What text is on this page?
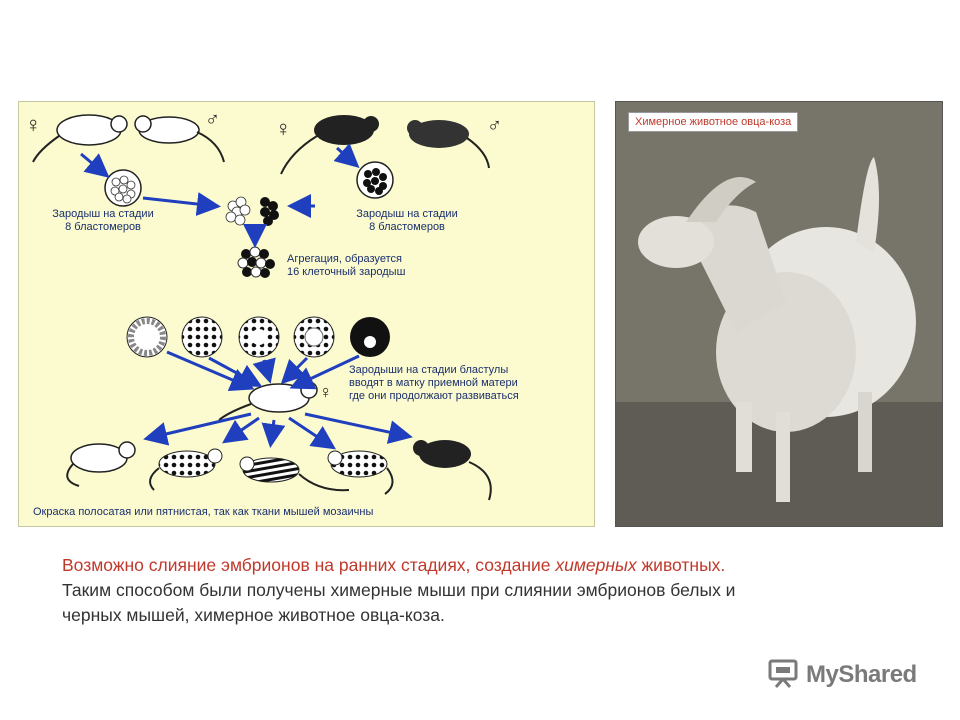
♀	♂	♀	♂
♀
Зародыш на стадии
8 бластомеров
Зародыш на стадии
8 бластомеров
Агрегация, образуется
16 клеточный зародыш
Зародыши на стадии бластулы
вводят в матку приемной матери
где они продолжают развиваться
Окраска полосатая или пятнистая, так как ткани мышей мозаичны
Химерное животное овца-коза
Возможно слияние эмбрионов на ранних стадиях, создание химерных животных.
Таким способом были получены химерные мыши при слиянии эмбрионов белых и
черных мышей, химерное животное овца-коза.
MyShared
